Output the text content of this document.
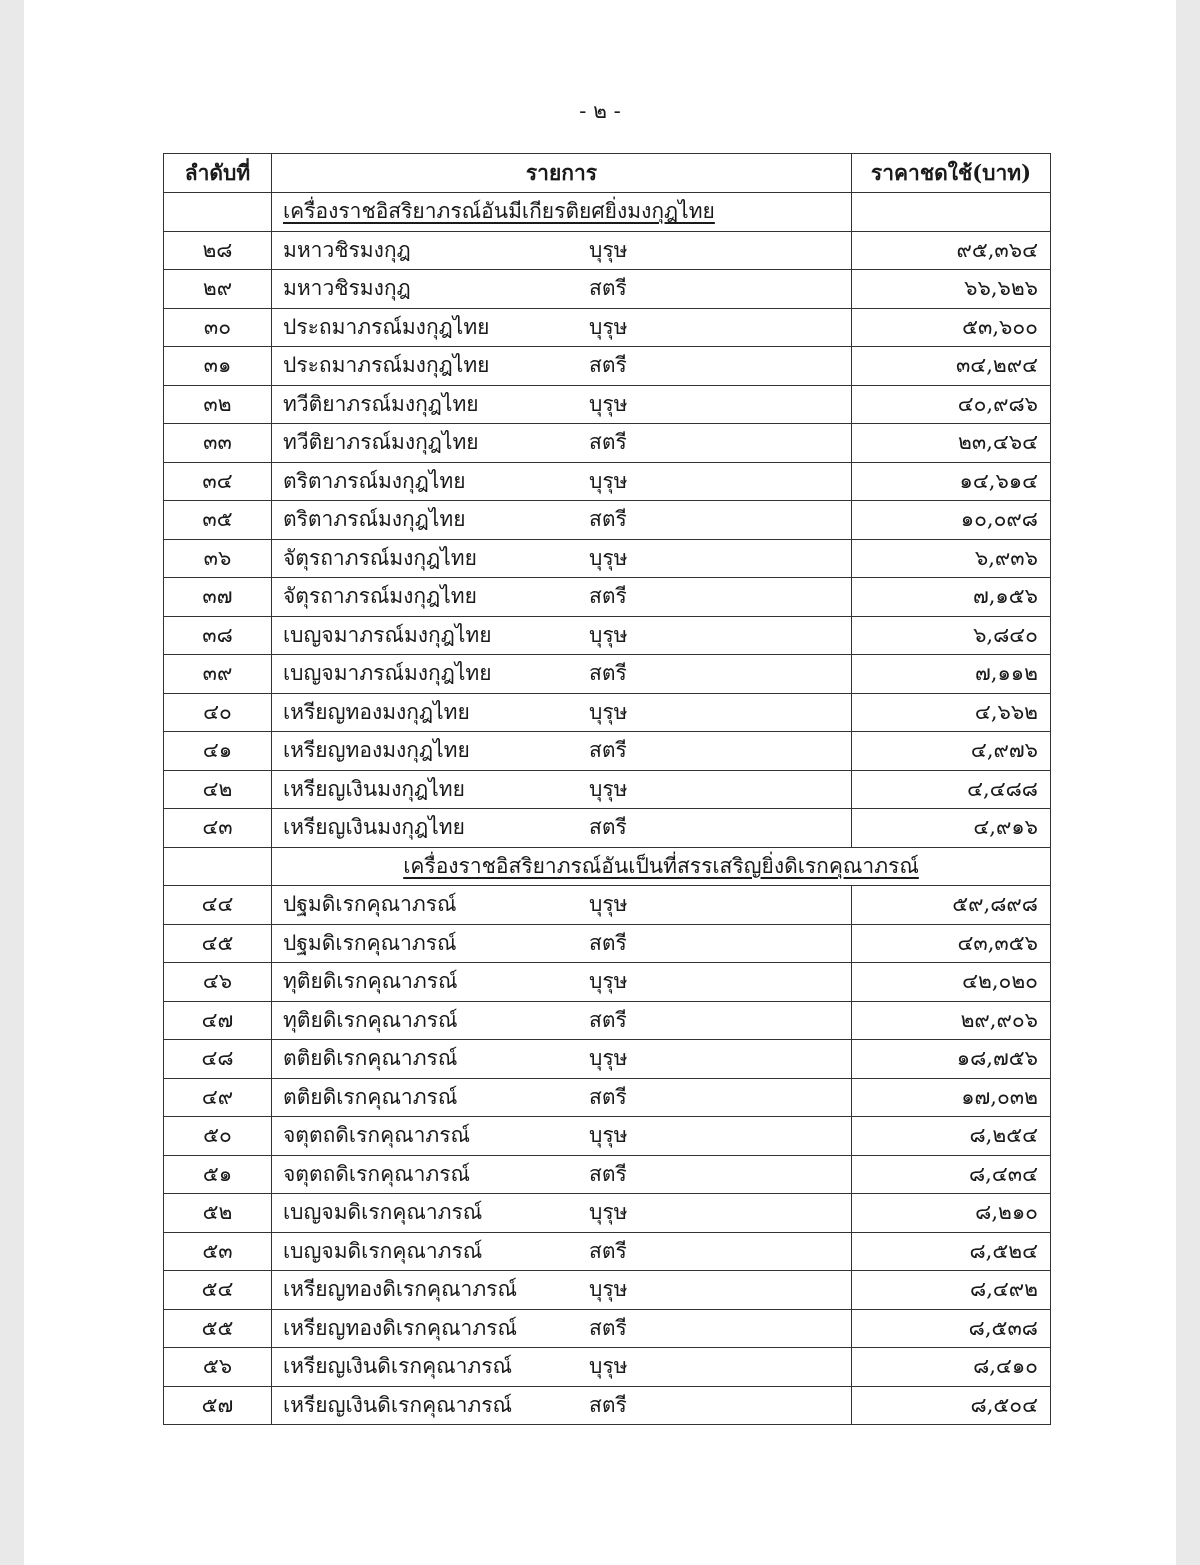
- ๒ -
ลำดับที่	รายการ	ราคาชดใช้(บาท)
	เครื่องราชอิสริยาภรณ์อันมีเกียรติยศยิ่งมงกุฎไทย	
๒๘	มหาวชิรมงกุฎ บุรุษ	๙๕,๓๖๔
๒๙	มหาวชิรมงกุฎ สตรี	๖๖,๖๒๖
๓๐	ประถมาภรณ์มงกุฎไทย บุรุษ	๕๓,๖๐๐
๓๑	ประถมาภรณ์มงกุฎไทย สตรี	๓๔,๒๙๔
๓๒	ทวีติยาภรณ์มงกุฎไทย บุรุษ	๔๐,๙๘๖
๓๓	ทวีติยาภรณ์มงกุฎไทย สตรี	๒๓,๔๖๔
๓๔	ตริตาภรณ์มงกุฎไทย บุรุษ	๑๔,๖๑๔
๓๕	ตริตาภรณ์มงกุฎไทย สตรี	๑๐,๐๙๘
๓๖	จัตุรถาภรณ์มงกุฎไทย บุรุษ	๖,๙๓๖
๓๗	จัตุรถาภรณ์มงกุฎไทย สตรี	๗,๑๕๖
๓๘	เบญจมาภรณ์มงกุฎไทย บุรุษ	๖,๘๔๐
๓๙	เบญจมาภรณ์มงกุฎไทย สตรี	๗,๑๑๒
๔๐	เหรียญทองมงกุฎไทย บุรุษ	๔,๖๖๒
๔๑	เหรียญทองมงกุฎไทย สตรี	๔,๙๗๖
๔๒	เหรียญเงินมงกุฎไทย บุรุษ	๔,๔๘๘
๔๓	เหรียญเงินมงกุฎไทย สตรี	๔,๙๑๖
	เครื่องราชอิสริยาภรณ์อันเป็นที่สรรเสริญยิ่งดิเรกคุณาภรณ์	
๔๔	ปฐมดิเรกคุณาภรณ์ บุรุษ	๕๙,๘๙๘
๔๕	ปฐมดิเรกคุณาภรณ์ สตรี	๔๓,๓๕๖
๔๖	ทุติยดิเรกคุณาภรณ์ บุรุษ	๔๒,๐๒๐
๔๗	ทุติยดิเรกคุณาภรณ์ สตรี	๒๙,๙๐๖
๔๘	ตติยดิเรกคุณาภรณ์ บุรุษ	๑๘,๗๕๖
๔๙	ตติยดิเรกคุณาภรณ์ สตรี	๑๗,๐๓๒
๕๐	จตุตถดิเรกคุณาภรณ์ บุรุษ	๘,๒๕๔
๕๑	จตุตถดิเรกคุณาภรณ์ สตรี	๘,๔๓๔
๕๒	เบญจมดิเรกคุณาภรณ์ บุรุษ	๘,๒๑๐
๕๓	เบญจมดิเรกคุณาภรณ์ สตรี	๘,๕๒๔
๕๔	เหรียญทองดิเรกคุณาภรณ์ บุรุษ	๘,๔๙๒
๕๕	เหรียญทองดิเรกคุณาภรณ์ สตรี	๘,๕๓๘
๕๖	เหรียญเงินดิเรกคุณาภรณ์ บุรุษ	๘,๔๑๐
๕๗	เหรียญเงินดิเรกคุณาภรณ์ สตรี	๘,๕๐๔
